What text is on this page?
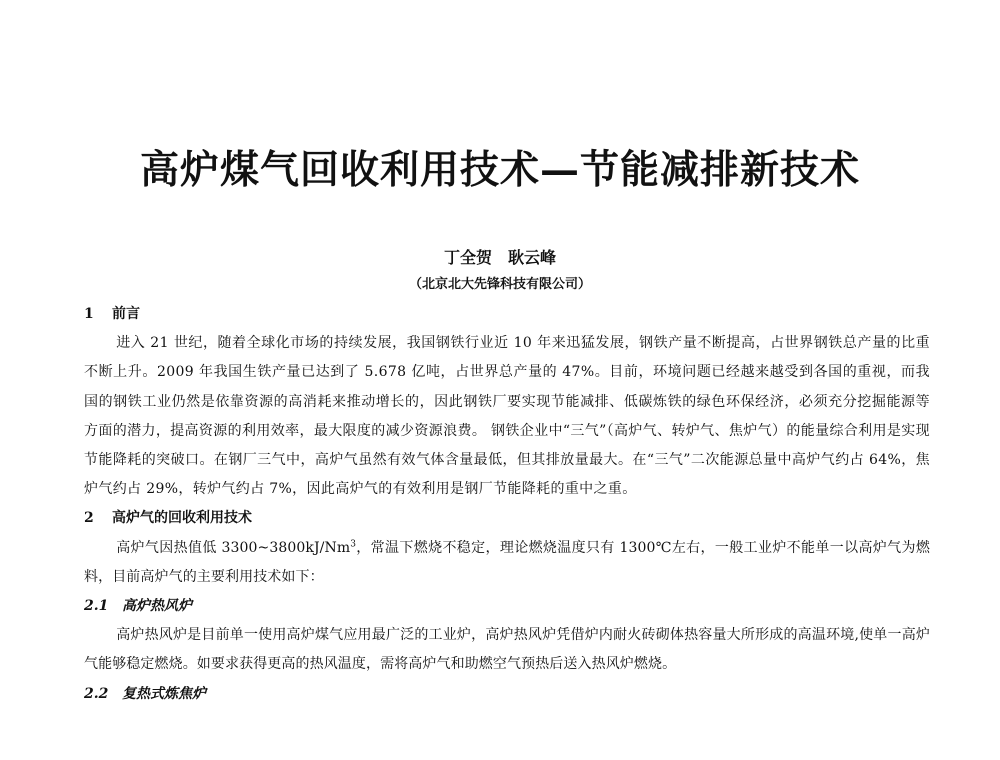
高炉煤气回收利用技术—节能减排新技术
丁全贺　耿云峰
（北京北大先锋科技有限公司）
1 前言

进入 21 世纪，随着全球化市场的持续发展，我国钢铁行业近 10 年来迅猛发展，钢铁产量不断提高，占世界钢铁总产量的比重不断上升。2009 年我国生铁产量已达到了 5.678 亿吨，占世界总产量的 47%。目前，环境问题已经越来越受到各国的重视，而我国的钢铁工业仍然是依靠资源的高消耗来推动增长的，因此钢铁厂要实现节能减排、低碳炼铁的绿色环保经济，必须充分挖掘能源等方面的潜力，提高资源的利用效率，最大限度的减少资源浪费。 钢铁企业中“三气”（高炉气、转炉气、焦炉气）的能量综合利用是实现节能降耗的突破口。在钢厂三气中，高炉气虽然有效气体含量最低，但其排放量最大。在“三气”二次能源总量中高炉气约占 64%，焦炉气约占 29%，转炉气约占 7%，因此高炉气的有效利用是钢厂节能降耗的重中之重。

2 高炉气的回收利用技术

高炉气因热值低 3300~3800kJ/Nm$^3$，常温下燃烧不稳定，理论燃烧温度只有 1300℃左右，一般工业炉不能单一以高炉气为燃料，目前高炉气的主要利用技术如下：

2.1 高炉热风炉

高炉热风炉是目前单一使用高炉煤气应用最广泛的工业炉，高炉热风炉凭借炉内耐火砖砌体热容量大所形成的高温环境,使单一高炉气能够稳定燃烧。如要求获得更高的热风温度，需将高炉气和助燃空气预热后送入热风炉燃烧。

2.2 复热式炼焦炉
